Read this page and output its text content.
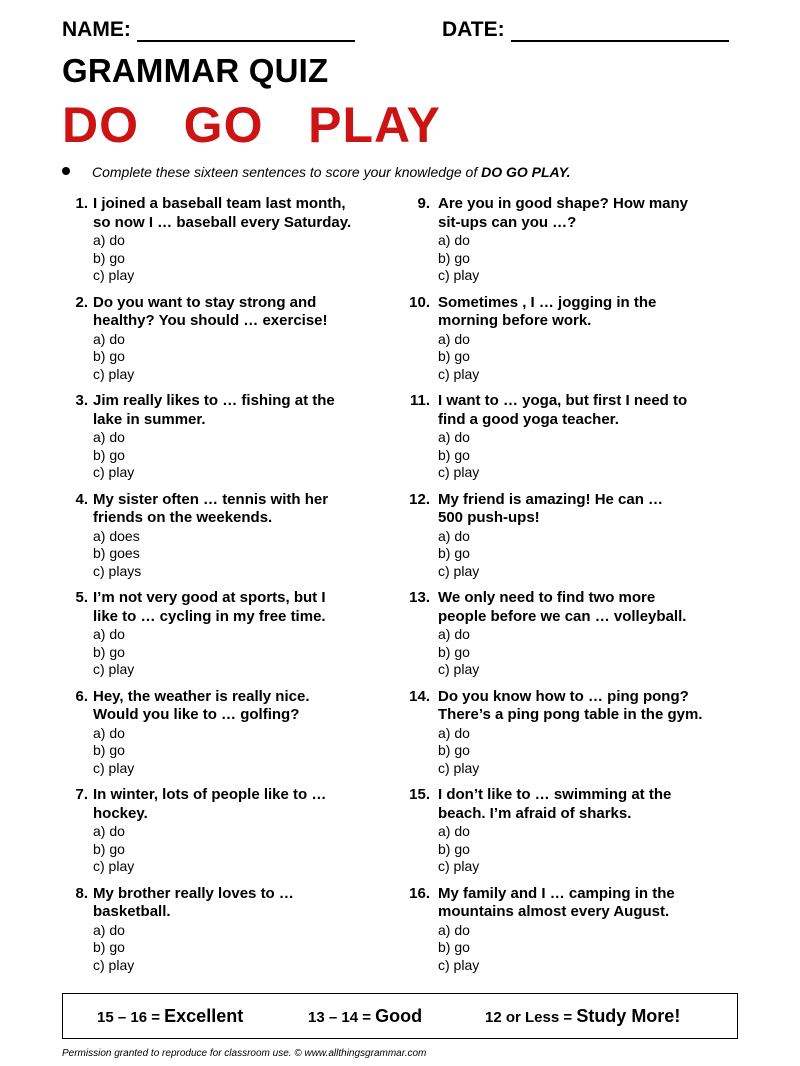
NAME:	DATE:
GRAMMAR QUIZ
DO   GO   PLAY
Complete these sixteen sentences to score your knowledge of DO GO PLAY.
1. I joined a baseball team last month,
so now I … baseball every Saturday.
a) do
b) go
c) play
2. Do you want to stay strong and
healthy? You should … exercise!
a) do
b) go
c) play
3. Jim really likes to … fishing at the
lake in summer.
a) do
b) go
c) play
4. My sister often … tennis with her
friends on the weekends.
a) does
b) goes
c) plays
5. I’m not very good at sports, but I
like to … cycling in my free time.
a) do
b) go
c) play
6. Hey, the weather is really nice.
Would you like to … golfing?
a) do
b) go
c) play
7. In winter, lots of people like to …
hockey.
a) do
b) go
c) play
8. My brother really loves to …
basketball.
a) do
b) go
c) play
9. Are you in good shape? How many
sit-ups can you …?
a) do
b) go
c) play
10. Sometimes , I … jogging in the
morning before work.
a) do
b) go
c) play
11. I want to … yoga, but first I need to
find a good yoga teacher.
a) do
b) go
c) play
12. My friend is amazing! He can …
500 push-ups!
a) do
b) go
c) play
13. We only need to find two more
people before we can … volleyball.
a) do
b) go
c) play
14. Do you know how to … ping pong?
There’s a ping pong table in the gym.
a) do
b) go
c) play
15. I don’t like to … swimming at the
beach. I’m afraid of sharks.
a) do
b) go
c) play
16. My family and I … camping in the
mountains almost every August.
a) do
b) go
c) play
15 – 16 = Excellent	13 – 14 = Good	12 or Less = Study More!
Permission granted to reproduce for classroom use. © www.allthingsgrammar.com
